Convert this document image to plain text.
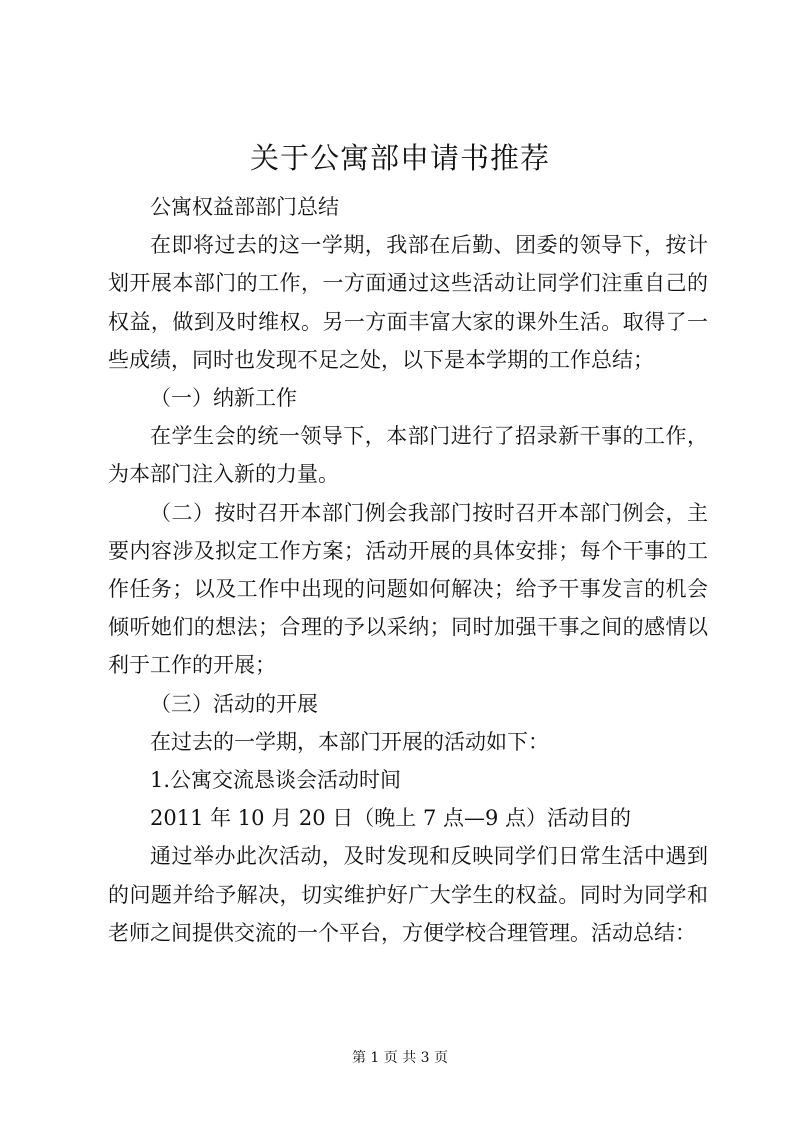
关于公寓部申请书推荐

公寓权益部部门总结

在即将过去的这一学期，我部在后勤、团委的领导下，按计划开展本部门的工作，一方面通过这些活动让同学们注重自己的权益，做到及时维权。另一方面丰富大家的课外生活。取得了一些成绩，同时也发现不足之处，以下是本学期的工作总结；

（一）纳新工作

在学生会的统一领导下，本部门进行了招录新干事的工作，为本部门注入新的力量。

（二）按时召开本部门例会我部门按时召开本部门例会，主要内容涉及拟定工作方案；活动开展的具体安排；每个干事的工作任务；以及工作中出现的问题如何解决；给予干事发言的机会倾听她们的想法；合理的予以采纳；同时加强干事之间的感情以利于工作的开展；

（三）活动的开展

在过去的一学期，本部门开展的活动如下：

1.公寓交流恳谈会活动时间

2011 年 10 月 20 日（晚上 7 点—9 点）活动目的

通过举办此次活动，及时发现和反映同学们日常生活中遇到的问题并给予解决，切实维护好广大学生的权益。同时为同学和老师之间提供交流的一个平台，方便学校合理管理。活动总结：

第 1 页 共 3 页
